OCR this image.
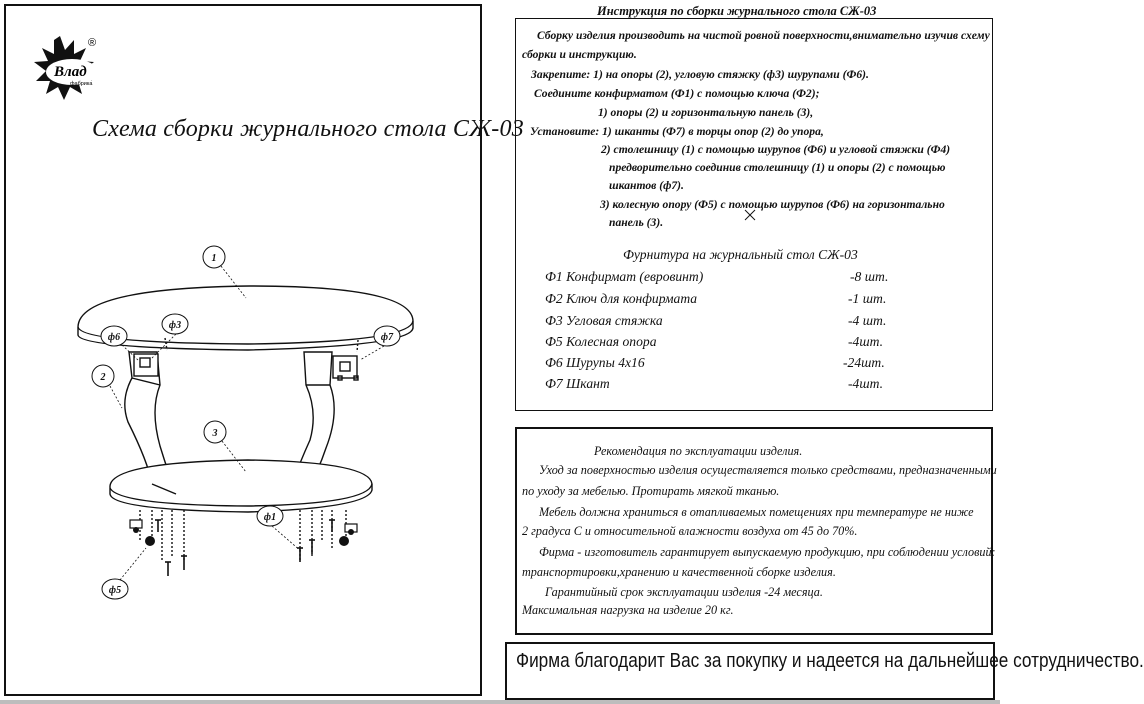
Влад
фабрика
®
Схема сборки журнального стола СЖ-03
1
2
3
ф6
ф3
ф7
ф1
ф5
Инструкция по сборки журнального стола СЖ-03
Сборку изделия производить на чистой ровной поверхности,внимательно изучив схему
сборки и инструкцию.
Закрепите: 1) на опоры (2), угловую стяжку (ф3) шурупами (Ф6).
Соедините конфирматом (Ф1) с помощью ключа (Ф2);
1) опоры (2) и горизонтальную панель (3),
Установите: 1) шканты (Ф7) в торцы опор (2) до упора,
2) столешницу (1) с помощью шурупов (Ф6) и угловой стяжки (Ф4)
предворительно соединив столешницу (1) и опоры (2) с помощью
шкантов (ф7).
3) колесную опору (Ф5) с помощью шурупов (Ф6) на горизонтально
панель (3).
Фурнитура на журнальный стол СЖ-03
Ф1 Конфирмат (евровинт)	-8 шт.
Ф2 Ключ для конфирмата	-1 шт.
Ф3 Угловая стяжка	-4 шт.
Ф5 Колесная опора	-4шт.
Ф6 Шурупы 4х16	-24шт.
Ф7 Шкант	-4шт.
Рекомендация по эксплуатации изделия.
Уход за поверхностью изделия осуществляется только средствами, предназначенными
по уходу за мебелью. Протирать мягкой тканью.
Мебель должна храниться в отапливаемых помещениях при температуре не ниже
2 градуса С и относительной влажности воздуха от 45 до 70%.
Фирма - изготовитель гарантирует выпускаемую продукцию, при соблюдении условий:
транспортировки,хранению и качественной сборке изделия.
Гарантийный срок эксплуатации изделия -24 месяца.
Максимальная нагрузка на изделие 20 кг.
Фирма благодарит Вас за покупку и надеется на дальнейшее сотрудничество.
